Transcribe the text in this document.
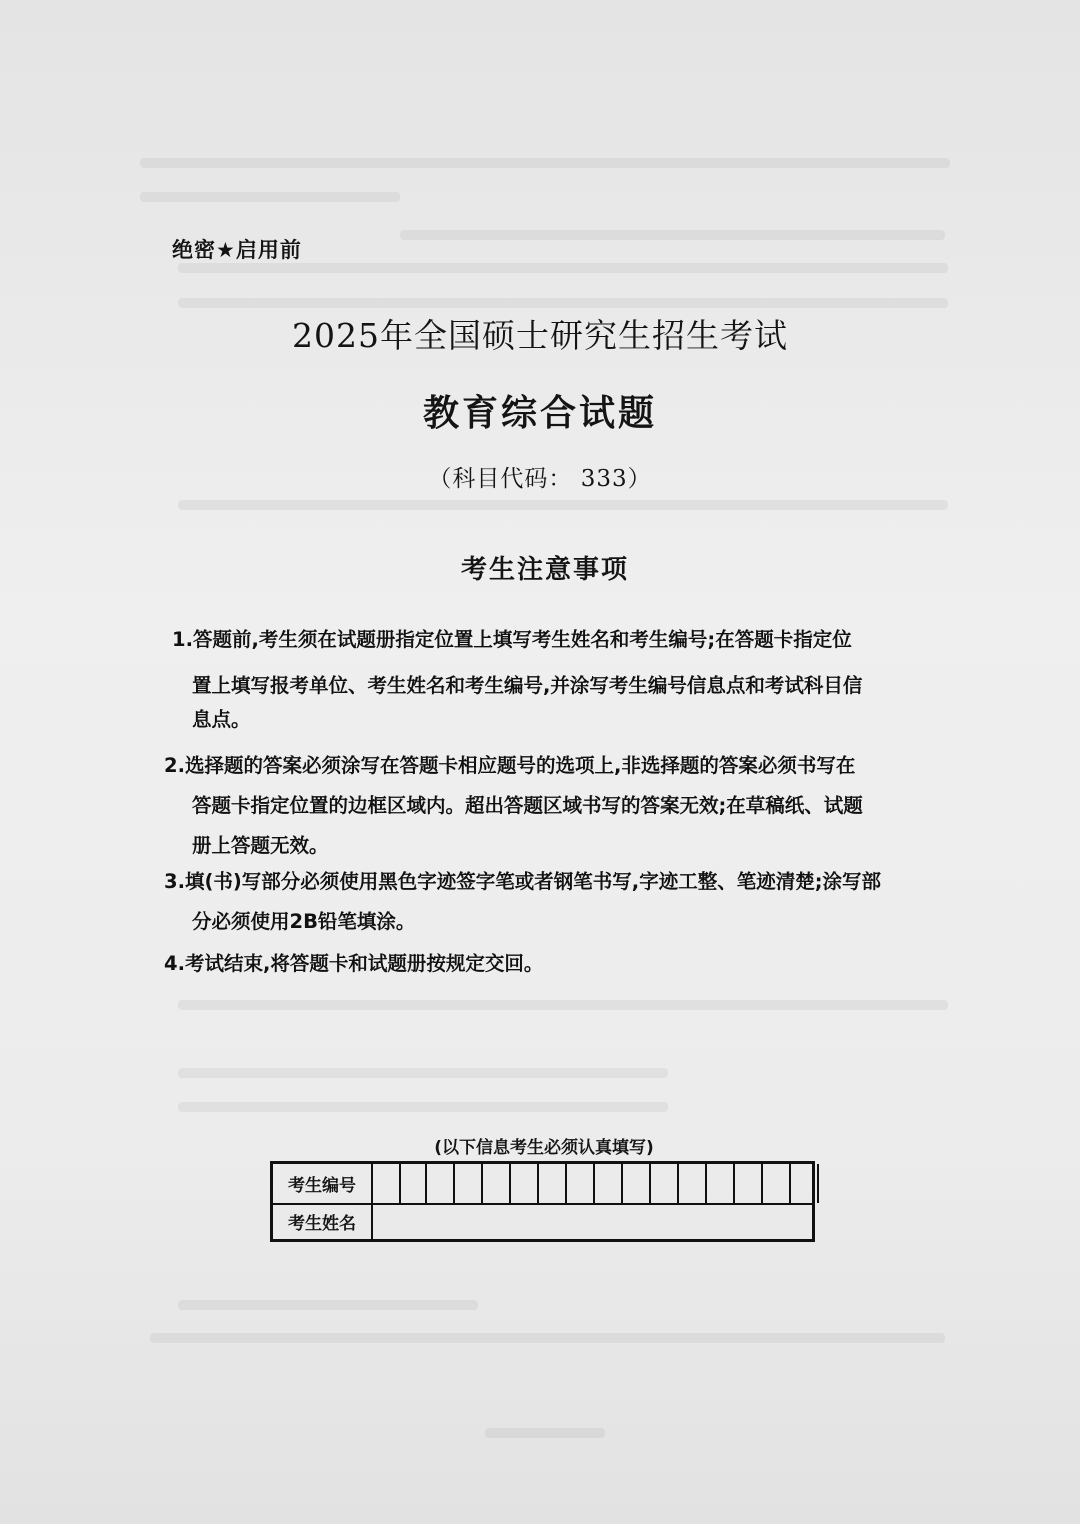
绝密★启用前
2025年全国硕士研究生招生考试
教育综合试题
（科目代码： 333）
考生注意事项
1.答题前,考生须在试题册指定位置上填写考生姓名和考生编号;在答题卡指定位
置上填写报考单位、考生姓名和考生编号,并涂写考生编号信息点和考试科目信
息点。
2.选择题的答案必须涂写在答题卡相应题号的选项上,非选择题的答案必须书写在
答题卡指定位置的边框区域内。超出答题区域书写的答案无效;在草稿纸、试题
册上答题无效。
3.填(书)写部分必须使用黑色字迹签字笔或者钢笔书写,字迹工整、笔迹清楚;涂写部
分必须使用2B铅笔填涂。
4.考试结束,将答题卡和试题册按规定交回。
(以下信息考生必须认真填写)
考生编号
考生姓名
